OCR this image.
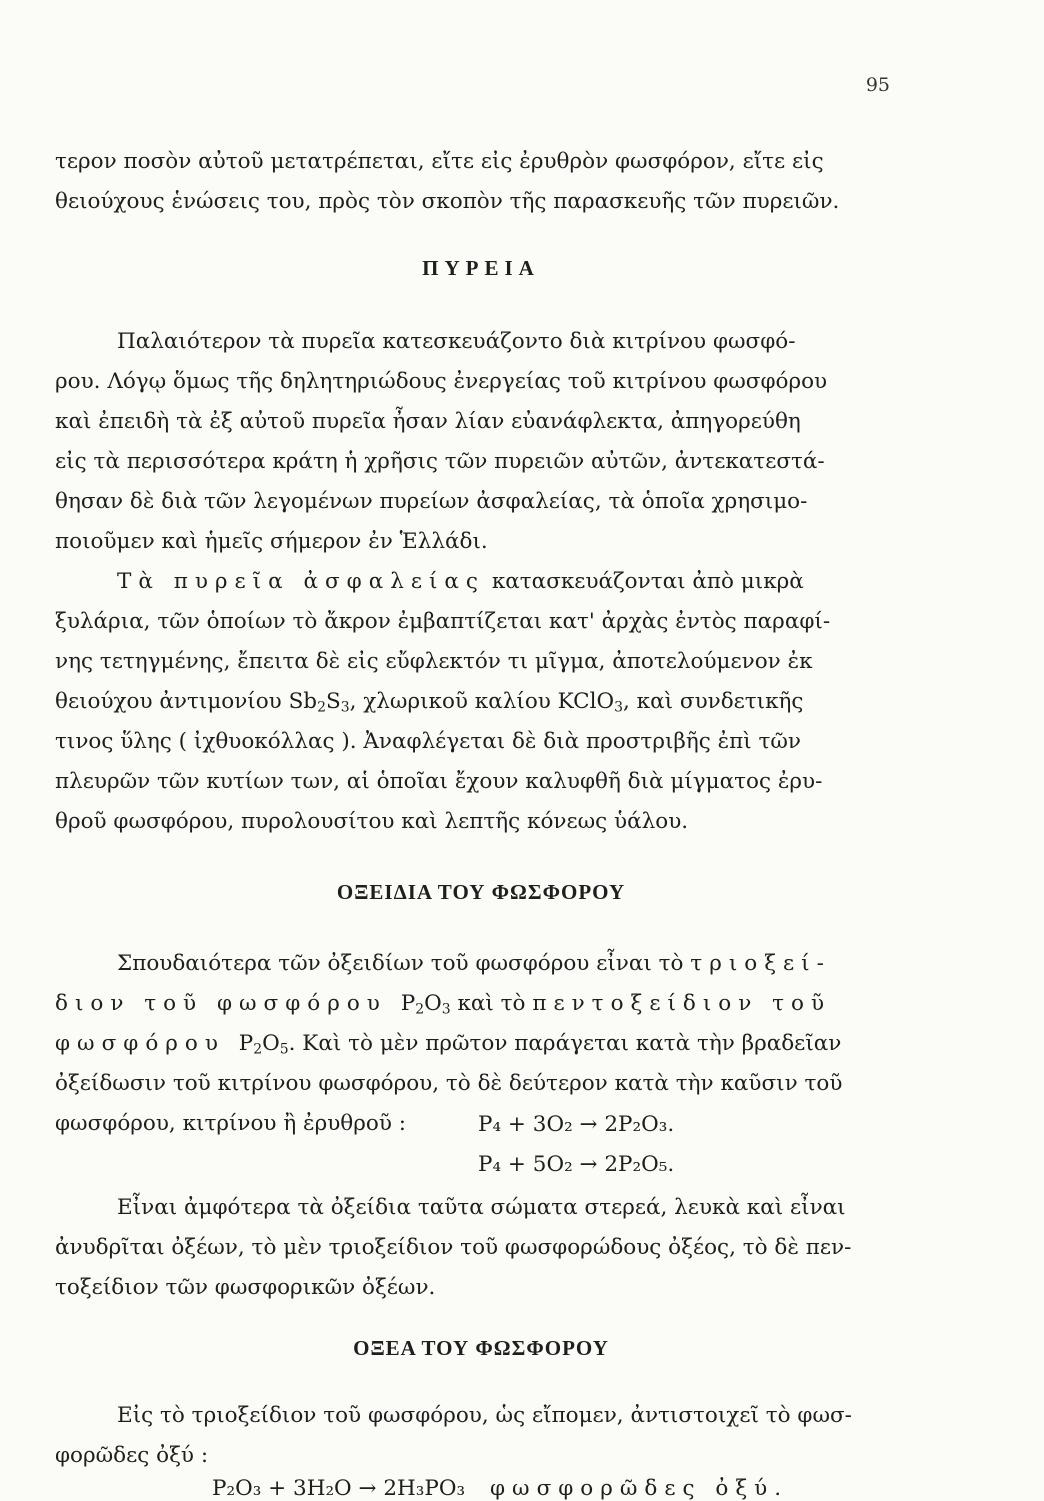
95
τερον ποσὸν αὐτοῦ μετατρέπεται, εἴτε εἰς ἐρυθρὸν φωσφόρον, εἴτε εἰς
θειούχους ἑνώσεις του, πρὸς τὸν σκοπὸν τῆς παρασκευῆς τῶν πυρειῶν.
ΠΥΡΕΙΑ
Παλαιότερον τὰ πυρεῖα κατεσκευάζοντο διὰ κιτρίνου φωσφό-
ρου. Λόγῳ ὅμως τῆς δηλητηριώδους ἐνεργείας τοῦ κιτρίνου φωσφόρου
καὶ ἐπειδὴ τὰ ἐξ αὐτοῦ πυρεῖα ἦσαν λίαν εὐανάφλεκτα, ἀπηγορεύθη
εἰς τὰ περισσότερα κράτη ἡ χρῆσις τῶν πυρειῶν αὐτῶν, ἀντεκατεστά-
θησαν δὲ διὰ τῶν λεγομένων πυρείων ἀσφαλείας, τὰ ὁποῖα χρησιμο-
ποιοῦμεν καὶ ἡμεῖς σήμερον ἐν Ἑλλάδι.
Τὰ πυρεῖα ἀσφαλείας κατασκευάζονται ἀπὸ μικρὰ
ξυλάρια, τῶν ὁποίων τὸ ἄκρον ἐμβαπτίζεται κατ' ἀρχὰς ἐντὸς παραφί-
νης τετηγμένης, ἔπειτα δὲ εἰς εὔφλεκτόν τι μῖγμα, ἀποτελούμενον ἐκ
θειούχου ἀντιμονίου $Sb_2S_3$, χλωρικοῦ καλίου KClO$_3$, καὶ συνδετικῆς
τινος ὕλης ( ἰχθυοκόλλας ). Ἀναφλέγεται δὲ διὰ προστριβῆς ἐπὶ τῶν
πλευρῶν τῶν κυτίων των, αἱ ὁποῖαι ἔχουν καλυφθῆ διὰ μίγματος ἐρυ-
θροῦ φωσφόρου, πυρολουσίτου καὶ λεπτῆς κόνεως ὑάλου.
ΟΞΕΙΔΙΑ ΤΟΥ ΦΩΣΦΟΡΟΥ
Σπουδαιότερα τῶν ὀξειδίων τοῦ φωσφόρου εἶναι τὸ τριοξεί-
διον τοῦ φωσφόρου $P_2O_3$ καὶ τὸ πεντοξείδιον τοῦ
φωσφόρου $P_2O_5$. Καὶ τὸ μὲν πρῶτον παράγεται κατὰ τὴν βραδεῖαν
ὀξείδωσιν τοῦ κιτρίνου φωσφόρου, τὸ δὲ δεύτερον κατὰ τὴν καῦσιν τοῦ
φωσφόρου, κιτρίνου ἢ ἐρυθροῦ :	P₄ + 3O₂ → 2P₂O₃.
P₄ + 5O₂ → 2P₂O₅.
Εἶναι ἀμφότερα τὰ ὀξείδια ταῦτα σώματα στερεά, λευκὰ καὶ εἶναι
ἀνυδρῖται ὀξέων, τὸ μὲν τριοξείδιον τοῦ φωσφορώδους ὀξέος, τὸ δὲ πεν-
τοξείδιον τῶν φωσφορικῶν ὀξέων.
ΟΞΕΑ ΤΟΥ ΦΩΣΦΟΡΟΥ
Εἰς τὸ τριοξείδιον τοῦ φωσφόρου, ὡς εἴπομεν, ἀντιστοιχεῖ τὸ φωσ-
φορῶδες ὀξύ :
P₂O₃ + 3H₂O → 2H₃PO₃ φωσφορῶδες ὀξύ.
